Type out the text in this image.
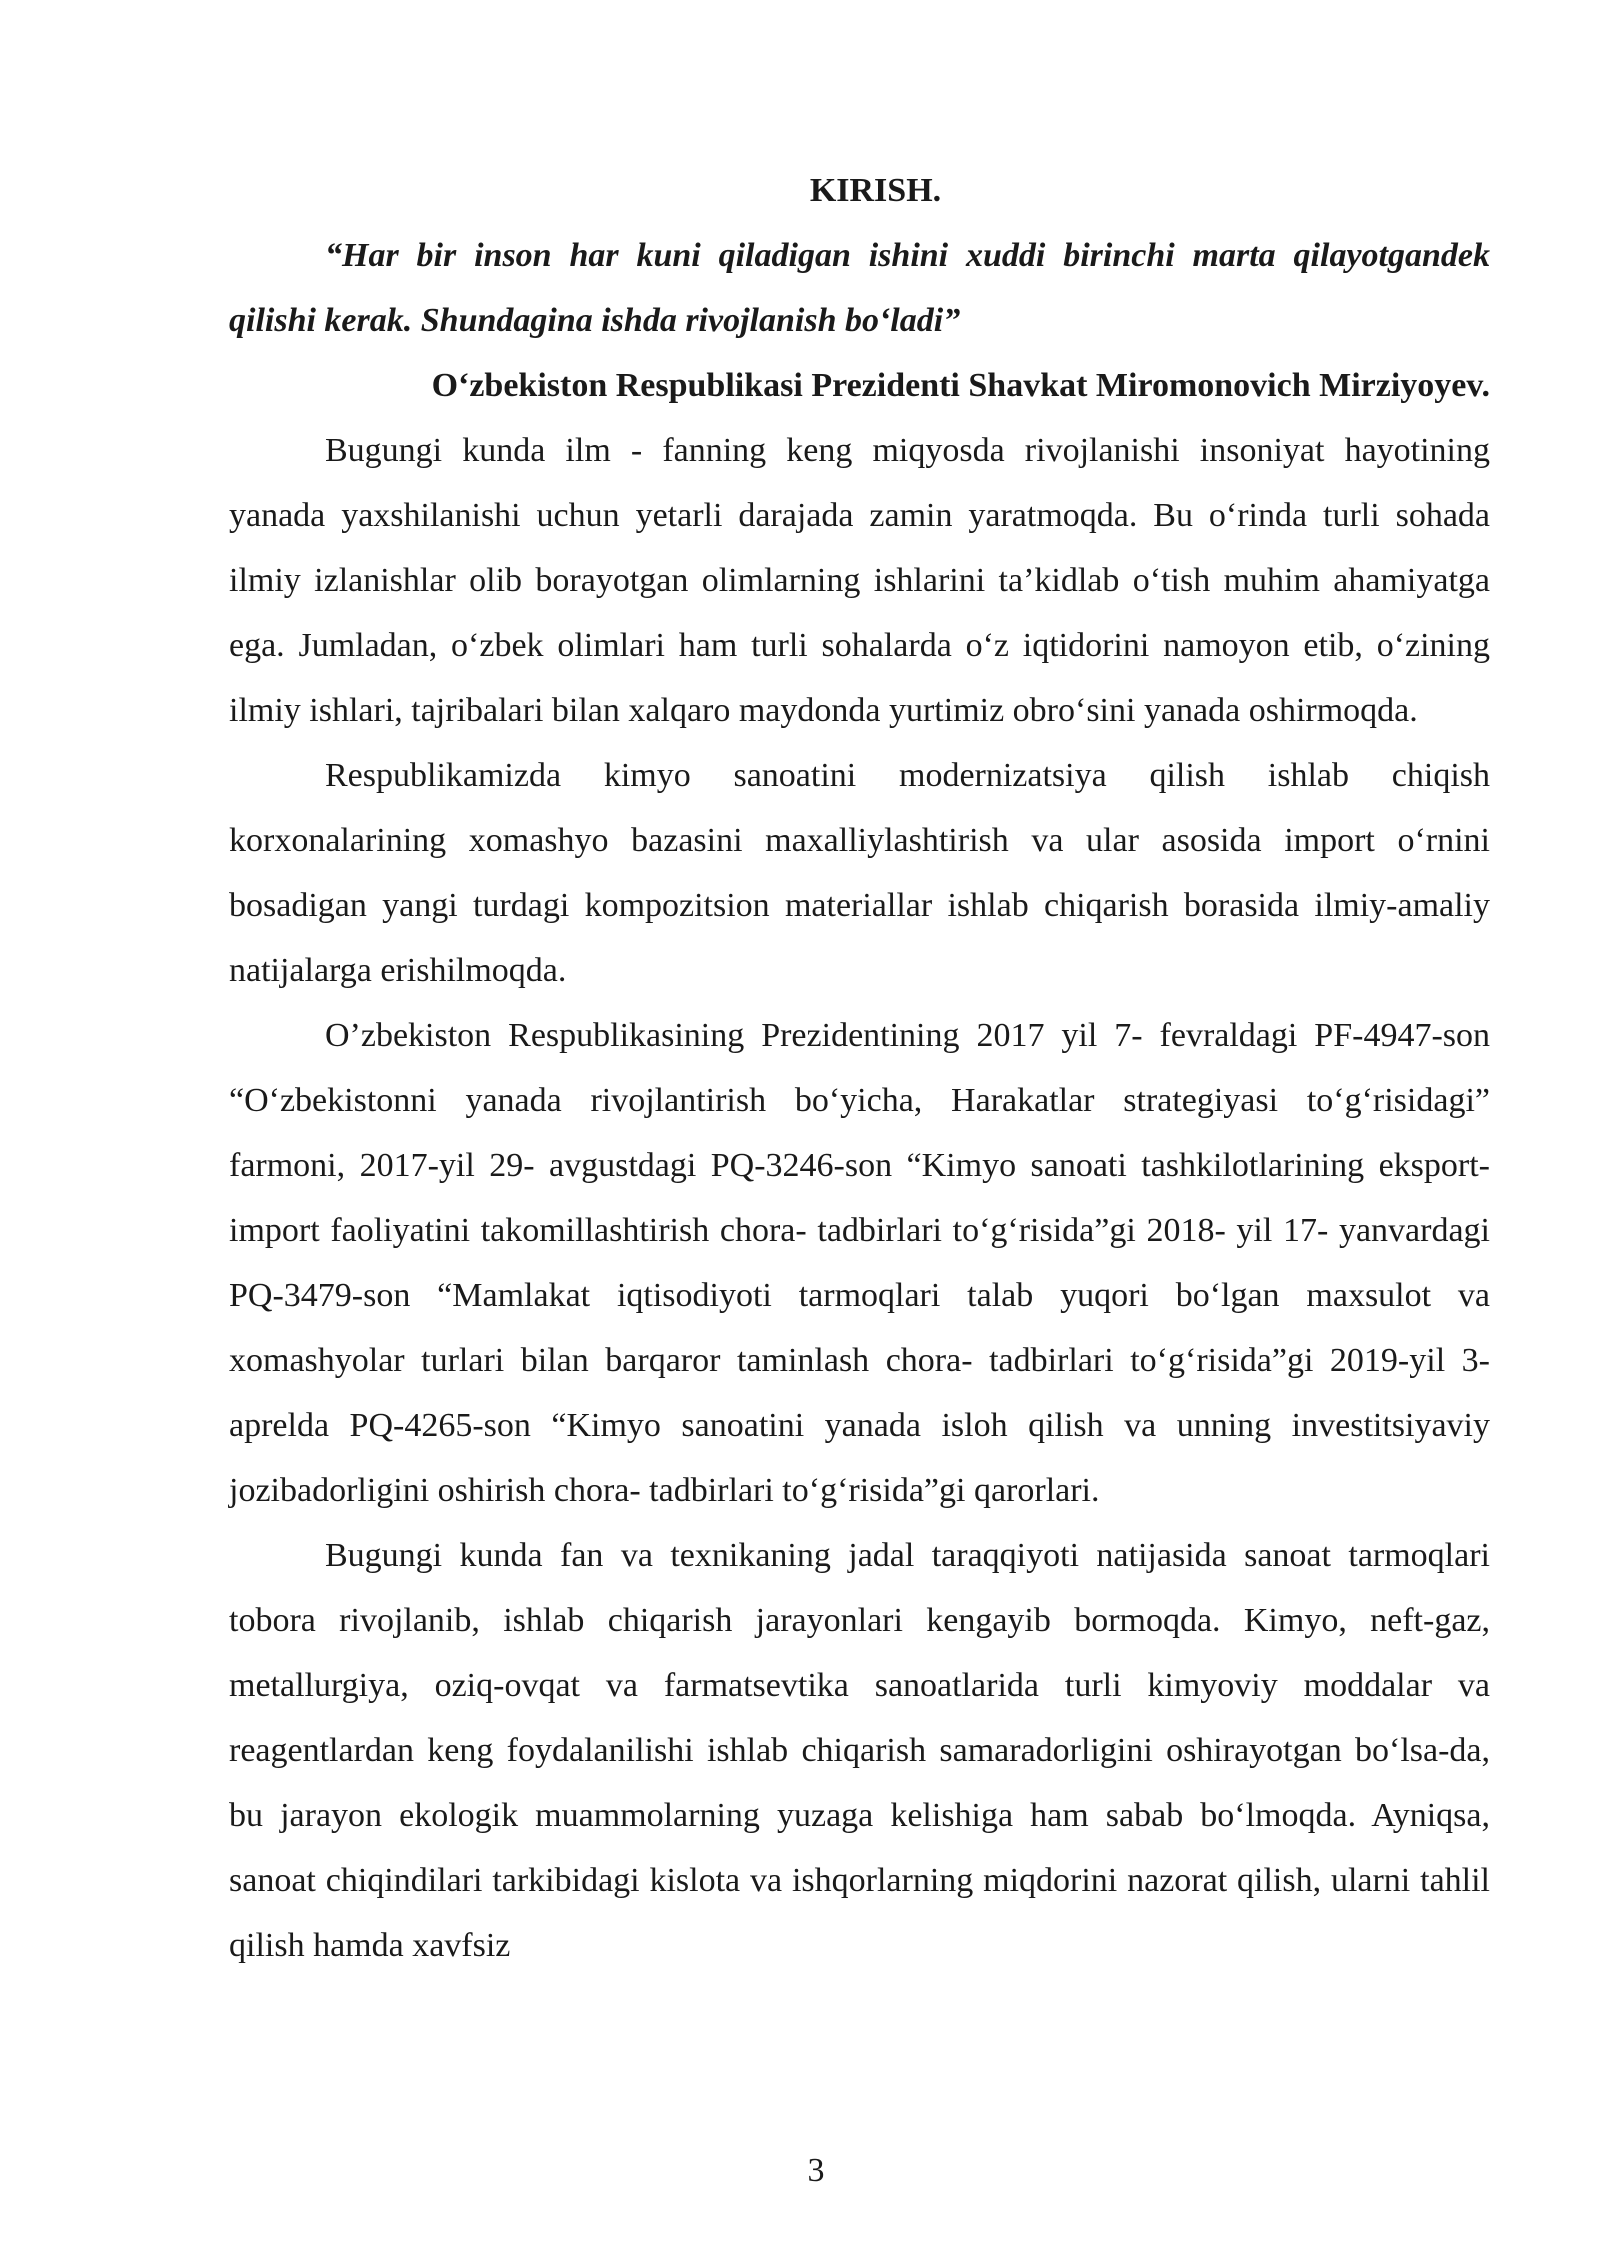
KIRISH.

“Har bir inson har kuni qiladigan ishini xuddi birinchi marta qilayotgandek qilishi kerak. Shundagina ishda rivojlanish bo‘ladi”

O‘zbekiston Respublikasi Prezidenti Shavkat Miromonovich Mirziyoyev.

Bugungi kunda ilm - fanning keng miqyosda rivojlanishi insoniyat hayotining yanada yaxshilanishi uchun yetarli darajada zamin yaratmoqda. Bu o‘rinda turli sohada ilmiy izlanishlar olib borayotgan olimlarning ishlarini ta’kidlab o‘tish muhim ahamiyatga ega. Jumladan, o‘zbek olimlari ham turli sohalarda o‘z iqtidorini namoyon etib, o‘zining ilmiy ishlari, tajribalari bilan xalqaro maydonda yurtimiz obro‘sini yanada oshirmoqda.

Respublikamizda kimyo sanoatini modernizatsiya qilish ishlab chiqish korxonalarining xomashyo bazasini maxalliylashtirish va ular asosida import o‘rnini bosadigan yangi turdagi kompozitsion materiallar ishlab chiqarish borasida ilmiy-amaliy natijalarga erishilmoqda.

O’zbekiston Respublikasining Prezidentining 2017 yil 7- fevraldagi PF-4947-son “O‘zbekistonni yanada rivojlantirish bo‘yicha, Harakatlar strategiyasi to‘g‘risidagi” farmoni, 2017-yil 29- avgustdagi PQ-3246-son “Kimyo sanoati tashkilotlarining eksport-import faoliyatini takomillashtirish chora- tadbirlari to‘g‘risida”gi 2018- yil 17- yanvardagi PQ-3479-son “Mamlakat iqtisodiyoti tarmoqlari talab yuqori bo‘lgan maxsulot va xomashyolar turlari bilan barqaror taminlash chora- tadbirlari to‘g‘risida”gi 2019-yil 3-aprelda PQ-4265-son “Kimyo sanoatini yanada isloh qilish va unning investitsiyaviy jozibadorligini oshirish chora- tadbirlari to‘g‘risida”gi qarorlari.

Bugungi kunda fan va texnikaning jadal taraqqiyoti natijasida sanoat tarmoqlari tobora rivojlanib, ishlab chiqarish jarayonlari kengayib bormoqda. Kimyo, neft-gaz, metallurgiya, oziq-ovqat va farmatsevtika sanoatlarida turli kimyoviy moddalar va reagentlardan keng foydalanilishi ishlab chiqarish samaradorligini oshirayotgan bo‘lsa-da, bu jarayon ekologik muammolarning yuzaga kelishiga ham sabab bo‘lmoqda. Ayniqsa, sanoat chiqindilari tarkibidagi kislota va ishqorlarning miqdorini nazorat qilish, ularni tahlil qilish hamda xavfsiz

3
